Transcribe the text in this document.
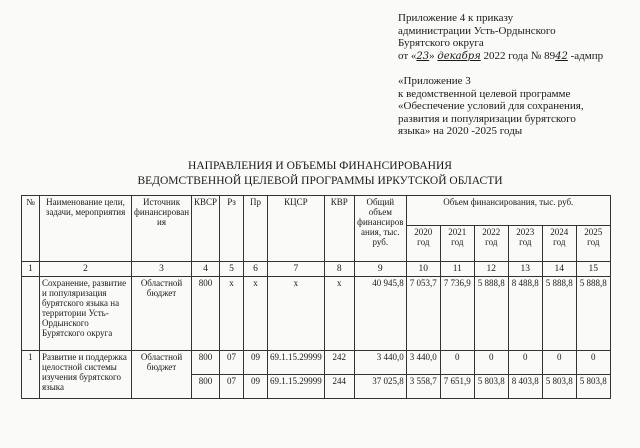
Приложение 4 к приказу
администрации Усть-Ордынского
Бурятского округа
от «23» декабря 2022 года № 8942 -адмпр
«Приложение 3
к ведомственной целевой программе
«Обеспечение условий для сохранения,
развития и популяризации бурятского
языка» на 2020 -2025 годы
НАПРАВЛЕНИЯ И ОБЪЕМЫ ФИНАНСИРОВАНИЯ
ВЕДОМСТВЕННОЙ ЦЕЛЕВОЙ ПРОГРАММЫ ИРКУТСКОЙ ОБЛАСТИ
№	Наименование цели, задачи, мероприятия	Источник финансирован ия	КВСР	Рз	Пр	КЦСР	КВР	Общий объем финансиров ания, тыс. руб.	Объем финансирования, тыс. руб.					
									2020 год	2021 год	2022 год	2023 год	2024 год	2025 год
1	2	3	4	5	6	7	8	9	10	11	12	13	14	15
	Сохранение, развитие и популяризация бурятского языка на территории Усть-Ордынского Бурятского округа	Областной бюджет	800	х	х	х	х	40 945,8	7 053,7	7 736,9	5 888,8	8 488,8	5 888,8	5 888,8
1	Развитие и поддержка целостной системы изучения бурятского языка	Областной бюджет	800	07	09	69.1.15.29999	242	3 440,0	3 440,0	0	0	0	0	0
			800	07	09	69.1.15.29999	244	37 025,8	3 558,7	7 651,9	5 803,8	8 403,8	5 803,8	5 803,8
